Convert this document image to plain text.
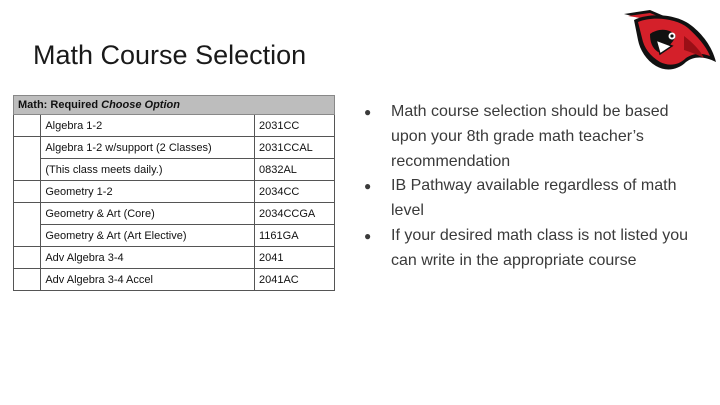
Math Course Selection
Math: Required Choose Option		
	Algebra 1-2	2031CC
	Algebra 1-2 w/support (2 Classes)	2031CCAL
	(This class meets daily.)	0832AL
	Geometry 1-2	2034CC
	Geometry & Art (Core)	2034CCGA
	Geometry & Art (Art Elective)	1161GA
	Adv Algebra 3-4	2041
	Adv Algebra 3-4 Accel	2041AC
● Math course selection should be based upon your 8th grade math teacher’s recommendation
● IB Pathway available regardless of math level
● If your desired math class is not listed you can write in the appropriate course
